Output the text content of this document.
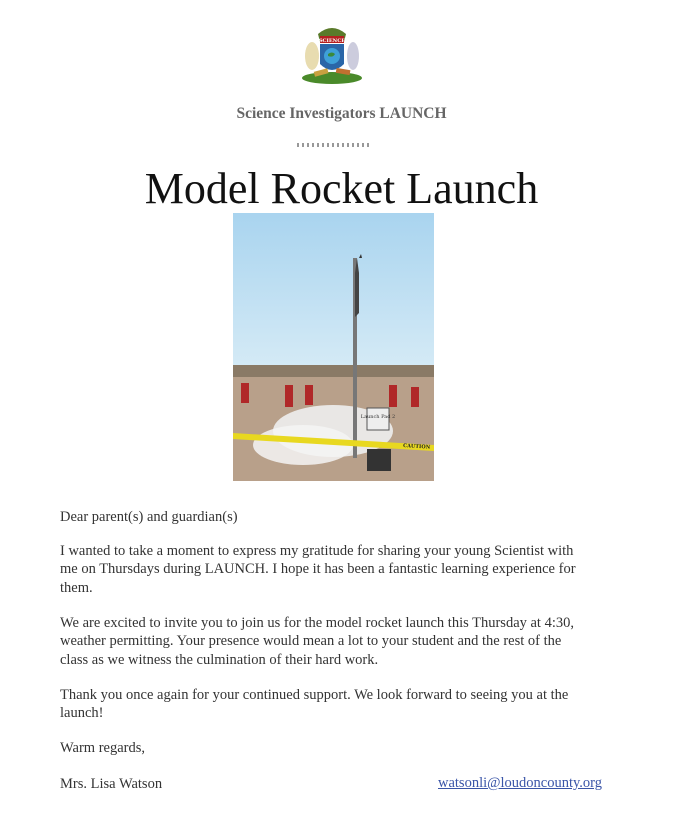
SCIENCE
Science Investigators LAUNCH
Model Rocket Launch
Launch Pad 2
CAUTION
Dear parent(s) and guardian(s)
I wanted to take a moment to express my gratitude for sharing your young Scientist with
me on Thursdays during LAUNCH. I hope it has been a fantastic learning experience for
them.
We are excited to invite you to join us for the model rocket launch this Thursday at 4:30,
weather permitting. Your presence would mean a lot to your student and the rest of the
class as we witness the culmination of their hard work.
Thank you once again for your continued support. We look forward to seeing you at the
launch!
Warm regards,
Mrs. Lisa Watson	watsonli@loudoncounty.org
